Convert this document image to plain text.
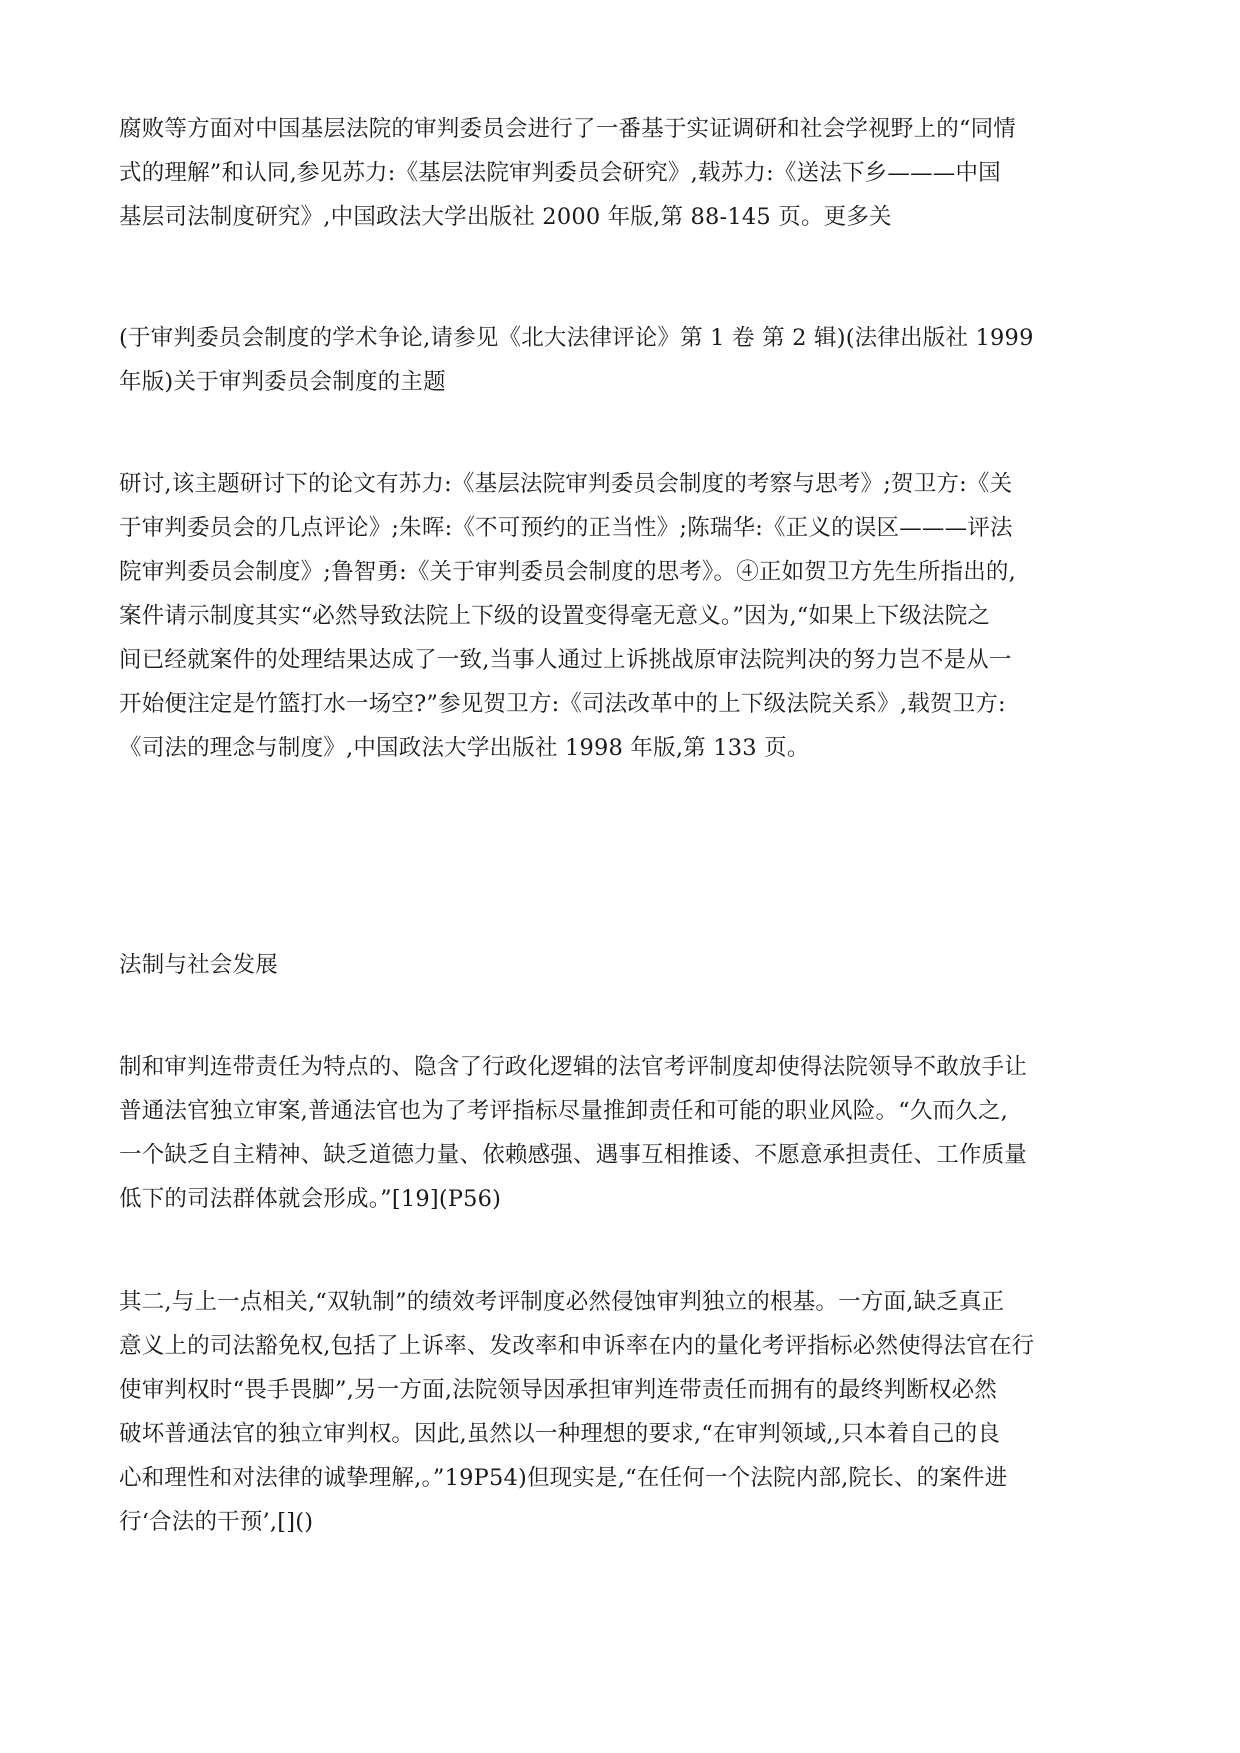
腐败等方面对中国基层法院的审判委员会进行了一番基于实证调研和社会学视野上的“同情
式的理解”和认同,参见苏力:《基层法院审判委员会研究》,载苏力:《送法下乡———中国
基层司法制度研究》,中国政法大学出版社 2000 年版,第 88-145 页。更多关
(于审判委员会制度的学术争论,请参见《北大法律评论》第 1 卷 第 2 辑)(法律出版社 1999
年版)关于审判委员会制度的主题
研讨,该主题研讨下的论文有苏力:《基层法院审判委员会制度的考察与思考》;贺卫方:《关
于审判委员会的几点评论》;朱晖:《不可预约的正当性》;陈瑞华:《正义的误区———评法
院审判委员会制度》;鲁智勇:《关于审判委员会制度的思考》。④正如贺卫方先生所指出的,
案件请示制度其实“必然导致法院上下级的设置变得毫无意义。”因为,“如果上下级法院之
间已经就案件的处理结果达成了一致,当事人通过上诉挑战原审法院判决的努力岂不是从一
开始便注定是竹篮打水一场空?”参见贺卫方:《司法改革中的上下级法院关系》,载贺卫方:
《司法的理念与制度》,中国政法大学出版社 1998 年版,第 133 页。
法制与社会发展
制和审判连带责任为特点的、隐含了行政化逻辑的法官考评制度却使得法院领导不敢放手让
普通法官独立审案,普通法官也为了考评指标尽量推卸责任和可能的职业风险。“久而久之,
一个缺乏自主精神、缺乏道德力量、依赖感强、遇事互相推诿、不愿意承担责任、工作质量
低下的司法群体就会形成。”[19](P56)
其二,与上一点相关,“双轨制”的绩效考评制度必然侵蚀审判独立的根基。一方面,缺乏真正
意义上的司法豁免权,包括了上诉率、发改率和申诉率在内的量化考评指标必然使得法官在行
使审判权时“畏手畏脚”,另一方面,法院领导因承担审判连带责任而拥有的最终判断权必然
破坏普通法官的独立审判权。因此,虽然以一种理想的要求,“在审判领域,,只本着自己的良
心和理性和对法律的诚挚理解,。”19P54)但现实是,“在任何一个法院内部,院长、的案件进
行‘合法的干预’,[]()
